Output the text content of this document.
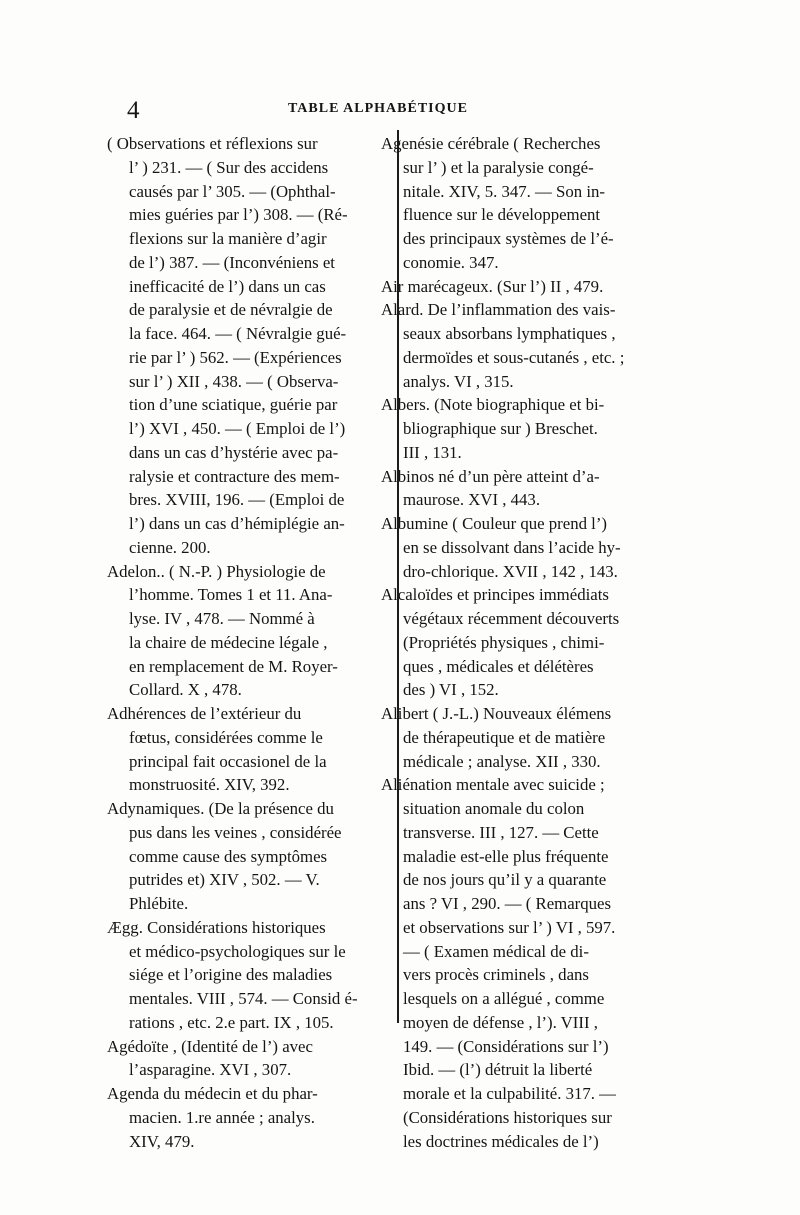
4	TABLE ALPHABÉTIQUE
( Observations et réflexions sur
l’ ) 231. — ( Sur des accidens
causés par l’ 305. — (Ophthal-
mies guéries par l’) 308. — (Ré-
flexions sur la manière d’agir
de l’) 387. — (Inconvéniens et
inefficacité de l’) dans un cas
de paralysie et de névralgie de
la face. 464. — ( Névralgie gué-
rie par l’ ) 562. — (Expériences
sur l’ ) XII , 438. — ( Observa-
tion d’une sciatique, guérie par
l’) XVI , 450. — ( Emploi de l’)
dans un cas d’hystérie avec pa-
ralysie et contracture des mem-
bres. XVIII, 196. — (Emploi de
l’) dans un cas d’hémiplégie an-
cienne. 200.
Adelon.. ( N.-P. ) Physiologie de
l’homme. Tomes 1 et 11. Ana-
lyse. IV , 478. — Nommé à
la chaire de médecine légale ,
en remplacement de M. Royer-
Collard. X , 478.
Adhérences de l’extérieur du
fœtus, considérées comme le
principal fait occasionel de la
monstruosité. XIV, 392.
Adynamiques. (De la présence du
pus dans les veines , considérée
comme cause des symptômes
putrides et) XIV , 502. — V.
Phlébite.
Ægg. Considérations historiques
et médico-psychologiques sur le
siége et l’origine des maladies
mentales. VIII , 574. — Consid é-
rations , etc. 2.e part. IX , 105.
Agédoïte , (Identité de l’) avec
l’asparagine. XVI , 307.
Agenda du médecin et du phar-
macien. 1.re année ; analys.
XIV, 479.
Agenésie cérébrale ( Recherches
sur l’ ) et la paralysie congé-
nitale. XIV, 5. 347. — Son in-
fluence sur le développement
des principaux systèmes de l’é-
conomie. 347.
Air marécageux. (Sur l’) II , 479.
Alard. De l’inflammation des vais-
seaux absorbans lymphatiques ,
dermoïdes et sous-cutanés , etc. ;
analys. VI , 315.
Albers. (Note biographique et bi-
bliographique sur ) Breschet.
III , 131.
Albinos né d’un père atteint d’a-
maurose. XVI , 443.
Albumine ( Couleur que prend l’)
en se dissolvant dans l’acide hy-
dro-chlorique. XVII , 142 , 143.
Alcaloïdes et principes immédiats
végétaux récemment découverts
(Propriétés physiques , chimi-
ques , médicales et délétères
des ) VI , 152.
Alibert ( J.-L.) Nouveaux élémens
de thérapeutique et de matière
médicale ; analyse. XII , 330.
Aliénation mentale avec suicide ;
situation anomale du colon
transverse. III , 127. — Cette
maladie est-elle plus fréquente
de nos jours qu’il y a quarante
ans ? VI , 290. — ( Remarques
et observations sur l’ ) VI , 597.
— ( Examen médical de di-
vers procès criminels , dans
lesquels on a allégué , comme
moyen de défense , l’). VIII ,
149. — (Considérations sur l’)
Ibid. — (l’) détruit la liberté
morale et la culpabilité. 317. —
(Considérations historiques sur
les doctrines médicales de l’)
